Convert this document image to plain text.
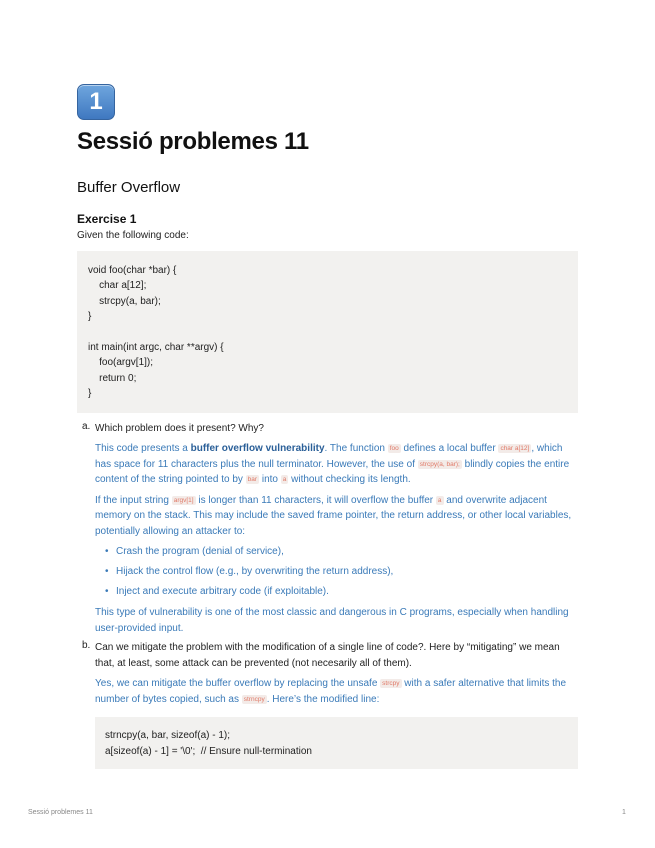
1
Sessió problemes 11
Buffer Overflow
Exercise 1

Given the following code:

void foo(char *bar) {
char a[12];
strcpy(a, bar);
}
int main(int argc, char **argv) {
foo(argv[1]);
return 0;
}
a. Which problem does it present? Why?
This code presents a buffer overflow vulnerability. The function foo defines a local buffer char a[12] , which has space for 11 characters plus the null terminator. However, the use of strcpy(a, bar); blindly copies the entire content of the string pointed to by bar into a without checking its length.
If the input string argv[1] is longer than 11 characters, it will overflow the buffer a and overwrite adjacent memory on the stack. This may include the saved frame pointer, the return address, or other local variables, potentially allowing an attacker to:
• Crash the program (denial of service),
• Hijack the control flow (e.g., by overwriting the return address),
• Inject and execute arbitrary code (if exploitable).
This type of vulnerability is one of the most classic and dangerous in C programs, especially when handling user-provided input.
b. Can we mitigate the problem with the modification of a single line of code?. Here by “mitigating” we mean that, at least, some attack can be prevented (not necesarily all of them).
Yes, we can mitigate the buffer overflow by replacing the unsafe strcpy with a safer alternative that limits the number of bytes copied, such as strncpy . Here’s the modified line:
strncpy(a, bar, sizeof(a) - 1);
a[sizeof(a) - 1] = '\0';  // Ensure null-termination
Sessió problemes 11	1
